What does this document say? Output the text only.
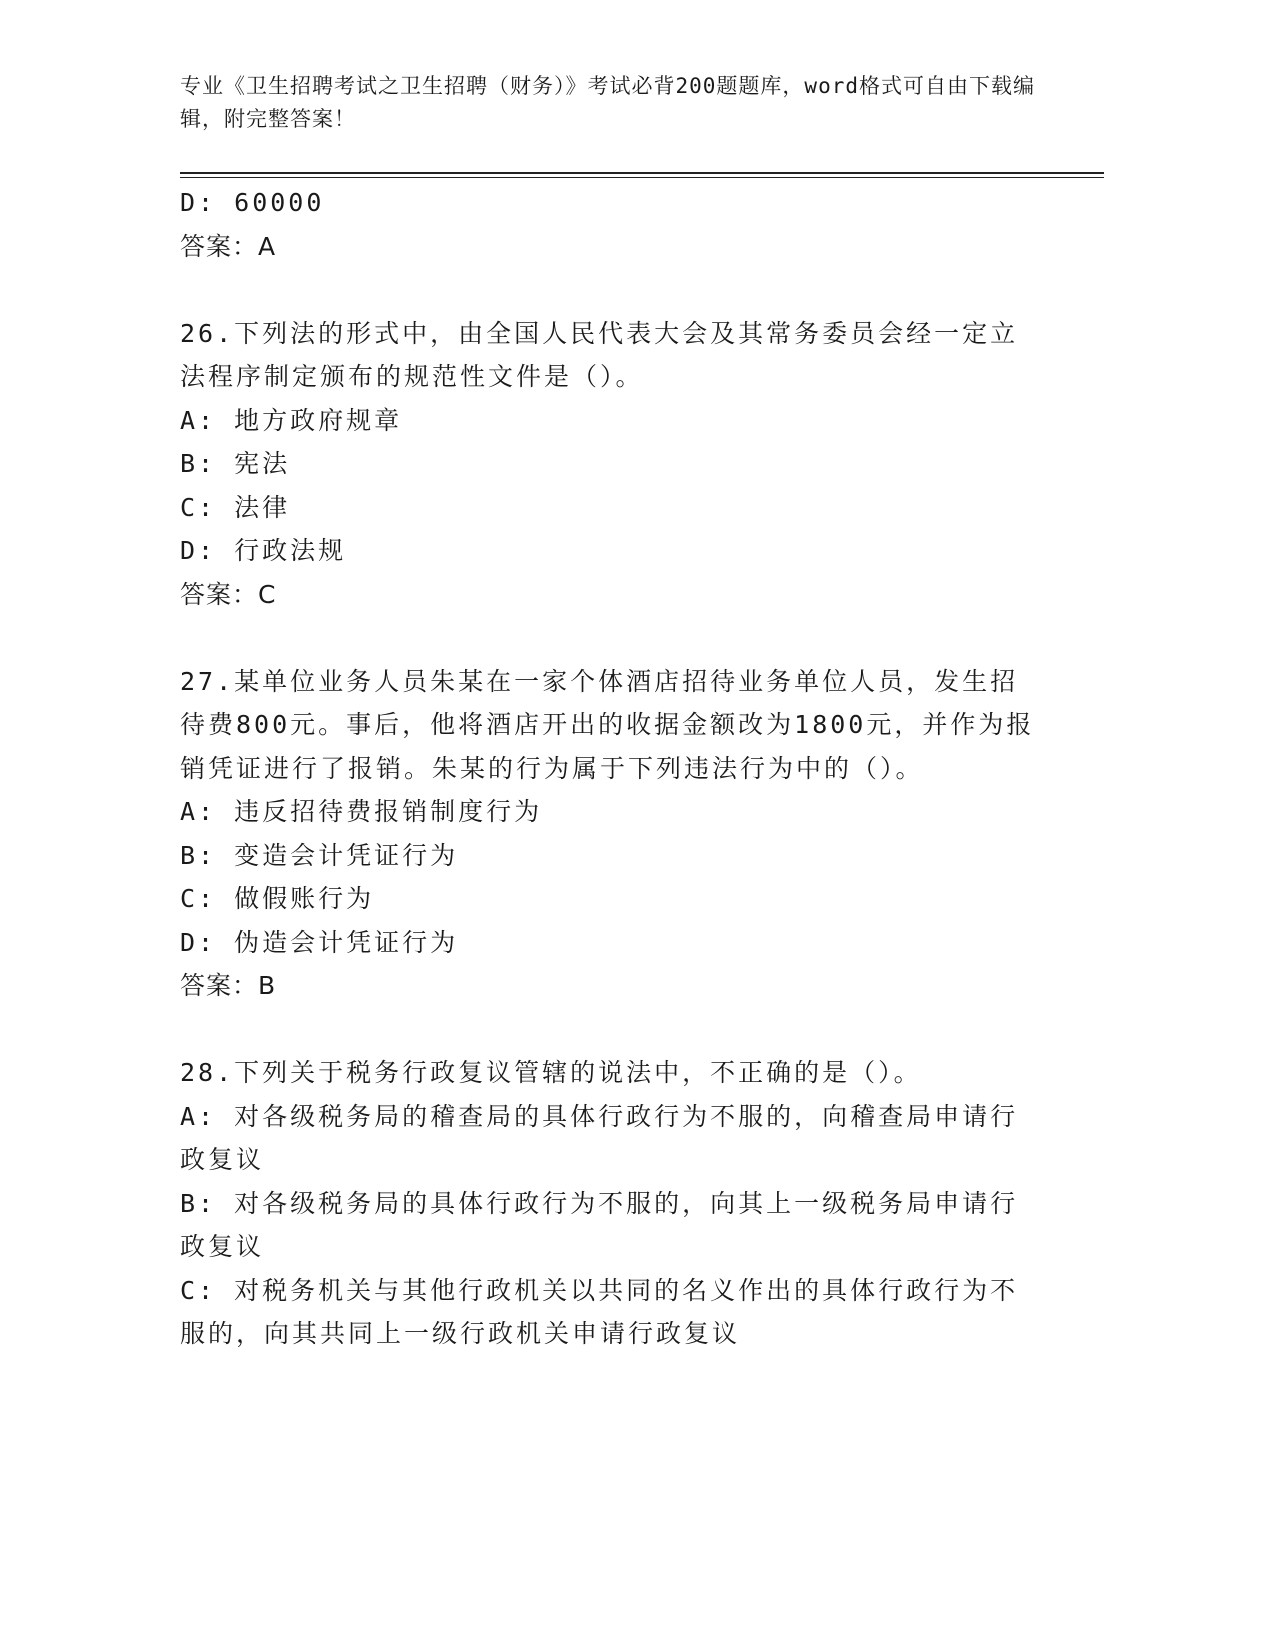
专业《卫生招聘考试之卫生招聘（财务）》考试必背200题题库，word格式可自由下载编辑，附完整答案！
D: 60000
答案：A
26.下列法的形式中，由全国人民代表大会及其常务委员会经一定立法程序制定颁布的规范性文件是（）。
A: 地方政府规章
B: 宪法
C: 法律
D: 行政法规
答案：C
27.某单位业务人员朱某在一家个体酒店招待业务单位人员，发生招待费800元。事后，他将酒店开出的收据金额改为1800元，并作为报销凭证进行了报销。朱某的行为属于下列违法行为中的（）。
A: 违反招待费报销制度行为
B: 变造会计凭证行为
C: 做假账行为
D: 伪造会计凭证行为
答案：B
28.下列关于税务行政复议管辖的说法中，不正确的是（）。
A: 对各级税务局的稽查局的具体行政行为不服的，向稽查局申请行政复议
B: 对各级税务局的具体行政行为不服的，向其上一级税务局申请行政复议
C: 对税务机关与其他行政机关以共同的名义作出的具体行政行为不服的，向其共同上一级行政机关申请行政复议
